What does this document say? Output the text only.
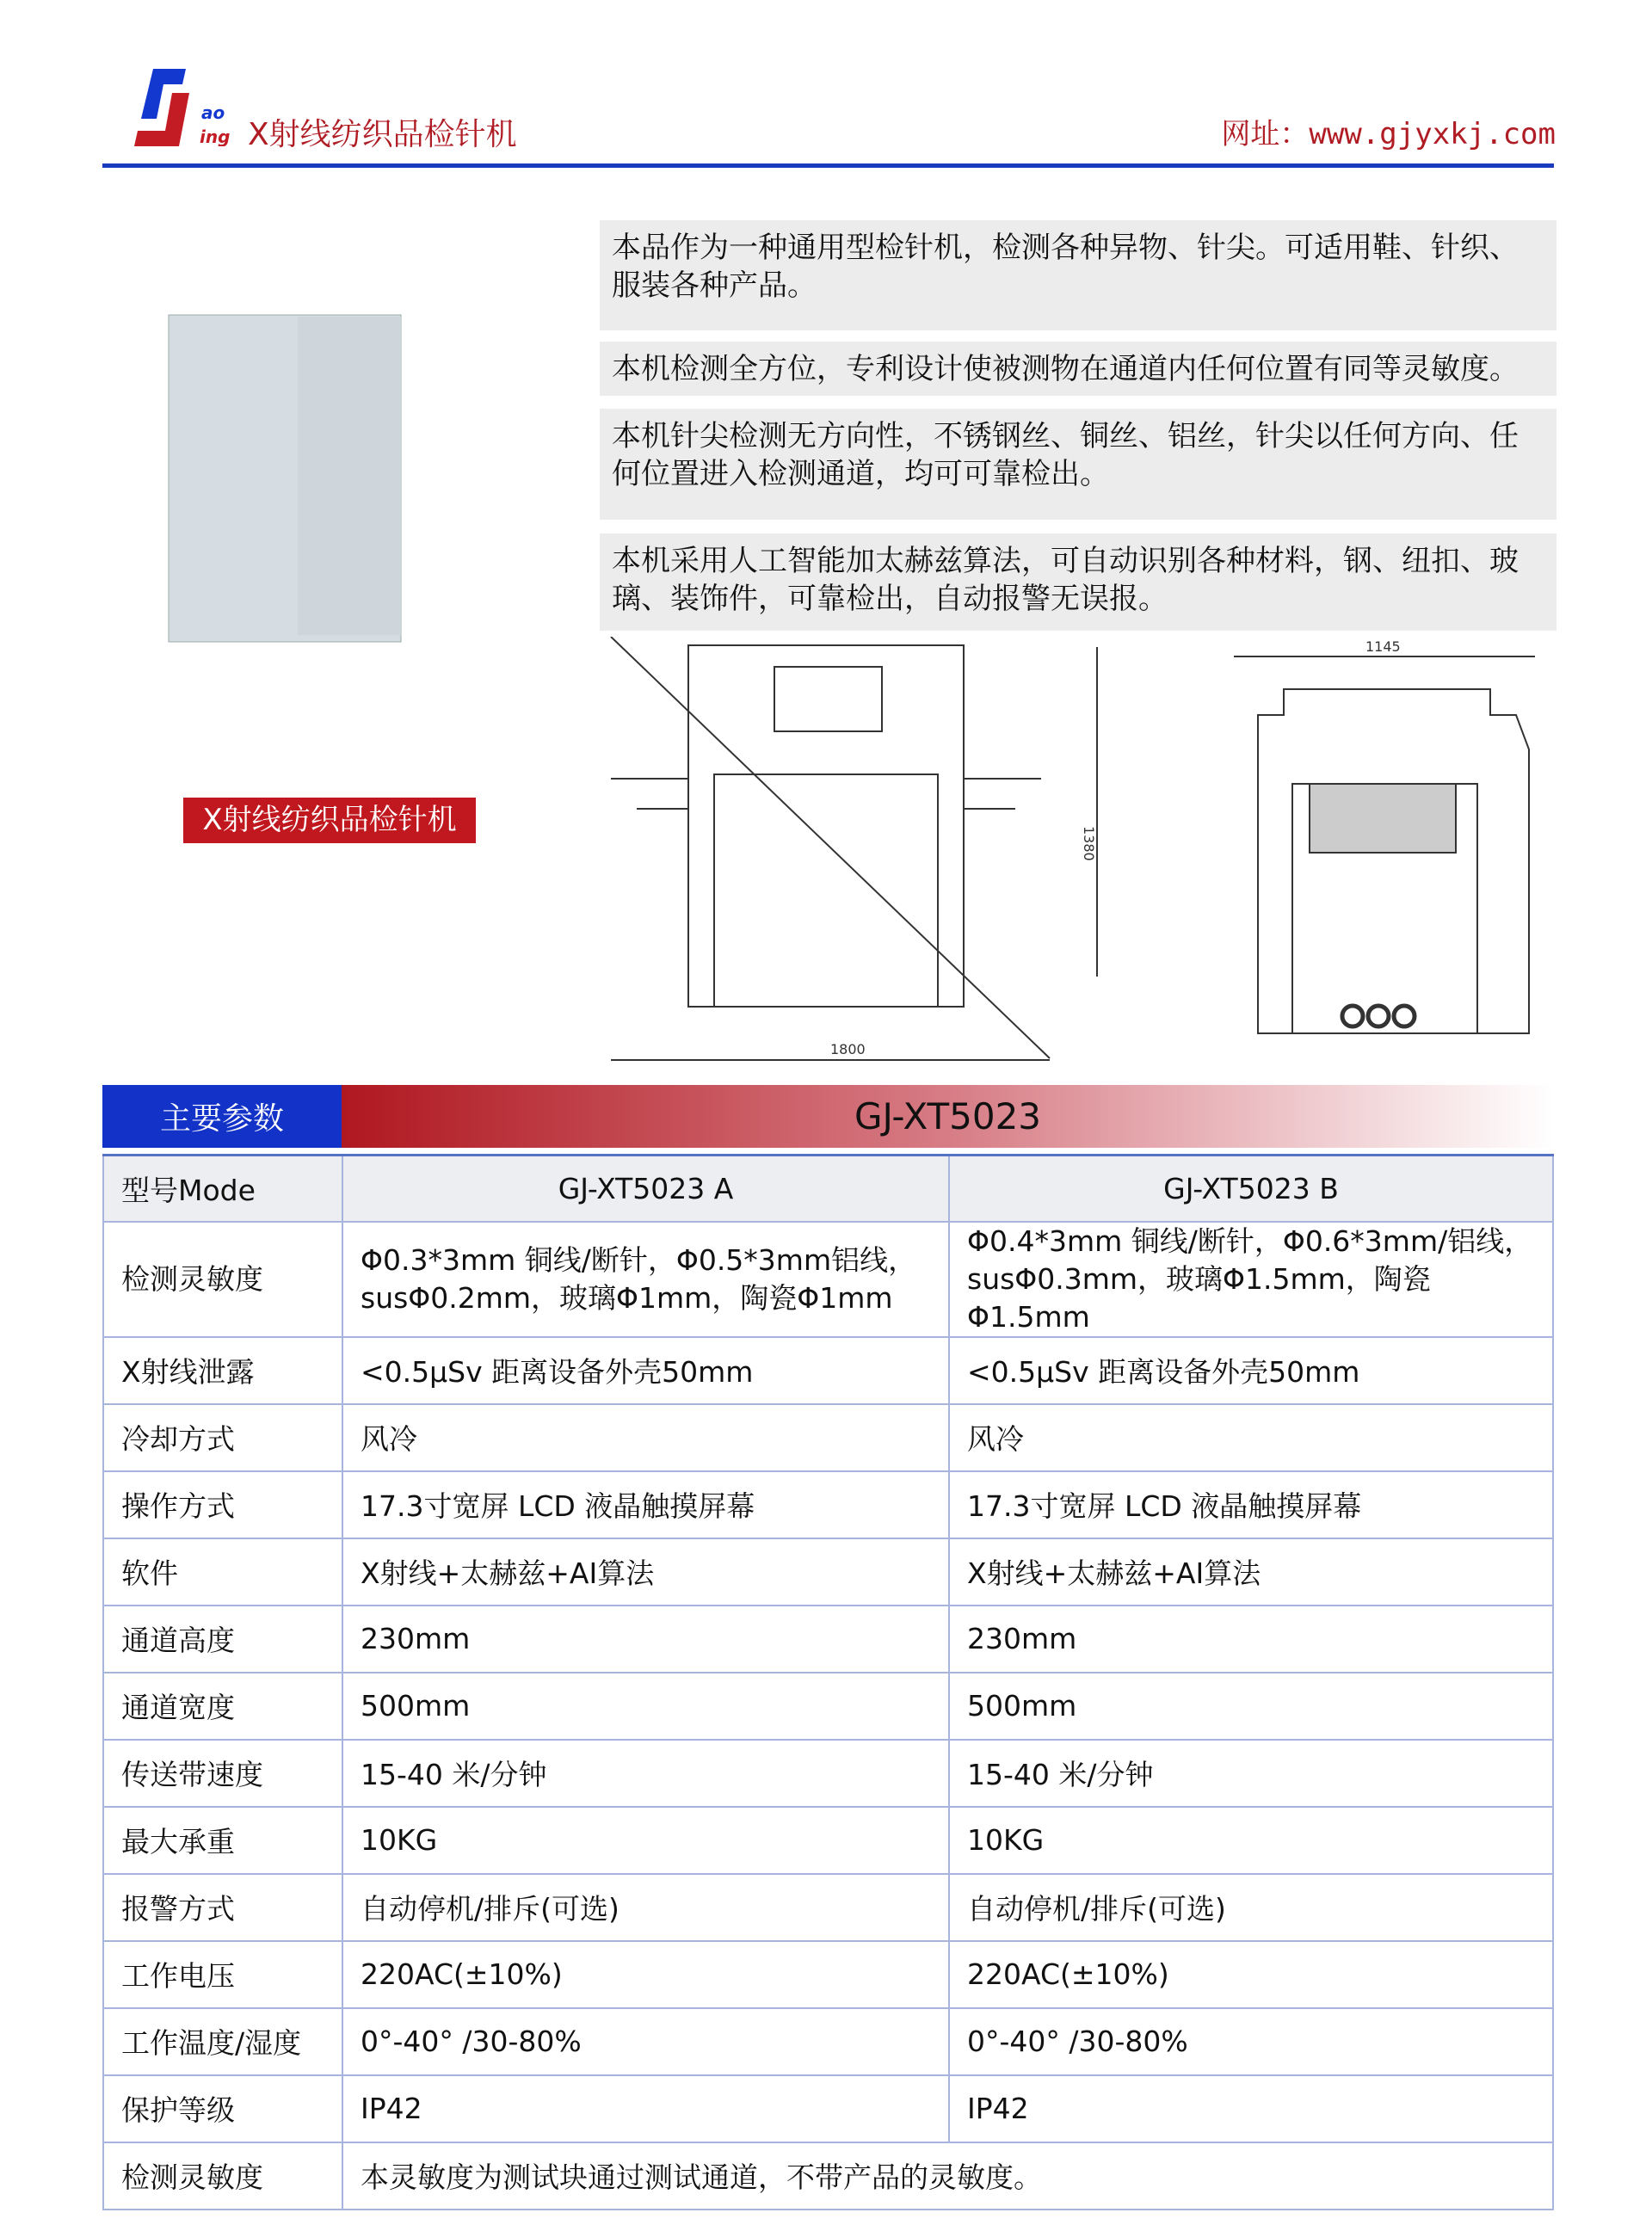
ao
ing X射线纺织品检针机	网址：www.gjyxkj.com
X射线纺织品检针机
本品作为一种通用型检针机，检测各种异物、针尖。可适用鞋、针织、服装各种产品。
本机检测全方位，专利设计使被测物在通道内任何位置有同等灵敏度。
本机针尖检测无方向性，不锈钢丝、铜丝、铝丝，针尖以任何方向、任何位置进入检测通道，均可可靠检出。
本机采用人工智能加太赫兹算法，可自动识别各种材料，钢、纽扣、玻璃、装饰件，可靠检出，自动报警无误报。
1800
1380
1145
主要参数	GJ-XT5023
型号Mode	GJ-XT5023 A	GJ-XT5023 B
检测灵敏度	Φ0.3*3mm 铜线/断针，Φ0.5*3mm铝线，susΦ0.2mm，玻璃Φ1mm，陶瓷Φ1mm	Φ0.4*3mm 铜线/断针，Φ0.6*3mm/铝线，susΦ0.3mm，玻璃Φ1.5mm，陶瓷Φ1.5mm
X射线泄露	<0.5μSv 距离设备外壳50mm	<0.5μSv 距离设备外壳50mm
冷却方式	风冷	风冷
操作方式	17.3寸宽屏 LCD 液晶触摸屏幕	17.3寸宽屏 LCD 液晶触摸屏幕
软件	X射线+太赫兹+AI算法	X射线+太赫兹+AI算法
通道高度	230mm	230mm
通道宽度	500mm	500mm
传送带速度	15-40 米/分钟	15-40 米/分钟
最大承重	10KG	10KG
报警方式	自动停机/排斥(可选)	自动停机/排斥(可选)
工作电压	220AC(±10%)	220AC(±10%)
工作温度/湿度	0°-40° /30-80%	0°-40° /30-80%
保护等级	IP42	IP42
检测灵敏度	本灵敏度为测试块通过测试通道，不带产品的灵敏度。	
